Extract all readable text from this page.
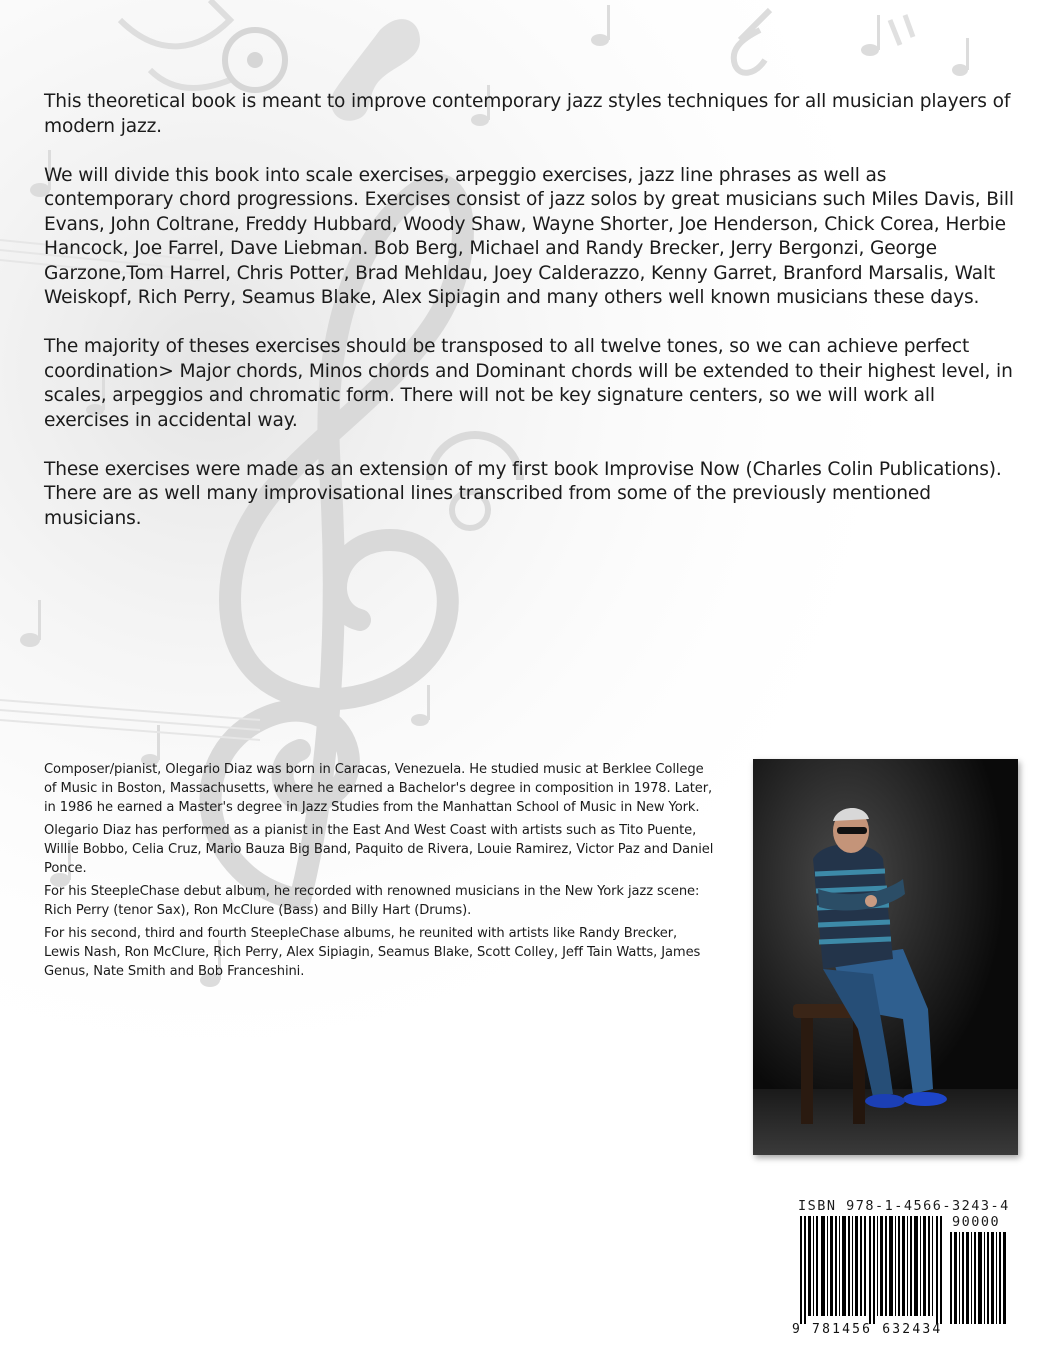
This theoretical book is meant to improve contemporary jazz styles techniques for all musician players of modern jazz.

We will divide this book into scale exercises, arpeggio exercises, jazz line phrases as well as contemporary chord progressions. Exercises consist of jazz solos by great musicians such Miles Davis, Bill Evans, John Coltrane, Freddy Hubbard, Woody Shaw, Wayne Shorter, Joe Henderson, Chick Corea, Herbie Hancock, Joe Farrel, Dave Liebman. Bob Berg, Michael and Randy Brecker, Jerry Bergonzi, George Garzone,Tom Harrel, Chris Potter, Brad Mehldau, Joey Calderazzo, Kenny Garret, Branford Marsalis, Walt Weiskopf, Rich Perry, Seamus Blake, Alex Sipiagin and many others well known musicians these days.

The majority of theses exercises should be transposed to all twelve tones, so we can achieve perfect coordination> Major chords, Minos chords and Dominant chords will be extended to their highest level, in scales, arpeggios and chromatic form. There will not be key signature centers, so we will work all exercises in accidental way.

These exercises were made as an extension of my first book Improvise Now (Charles Colin Publications). There are as well many improvisational lines transcribed from some of the previously mentioned musicians.

Composer/pianist, Olegario Diaz was born in Caracas, Venezuela. He studied music at Berklee College of Music in Boston, Massachusetts, where he earned a Bachelor's degree in composition in 1978. Later, in 1986 he earned a Master's degree in Jazz Studies from the Manhattan School of Music in New York.

Olegario Diaz has performed as a pianist in the East And West Coast with artists such as Tito Puente, Willie Bobbo, Celia Cruz, Mario Bauza Big Band, Paquito de Rivera, Louie Ramirez, Victor Paz and Daniel Ponce.

For his SteepleChase debut album, he recorded with renowned musicians in the New York jazz scene: Rich Perry (tenor Sax), Ron McClure (Bass) and Billy Hart (Drums).

For his second, third and fourth SteepleChase albums, he reunited with artists like Randy Brecker, Lewis Nash, Ron McClure, Rich Perry, Alex Sipiagin, Seamus Blake, Scott Colley, Jeff Tain Watts, James Genus, Nate Smith and Bob Franceshini.

ISBN 978-1-4566-3243-4
90000
9 781456 632434
